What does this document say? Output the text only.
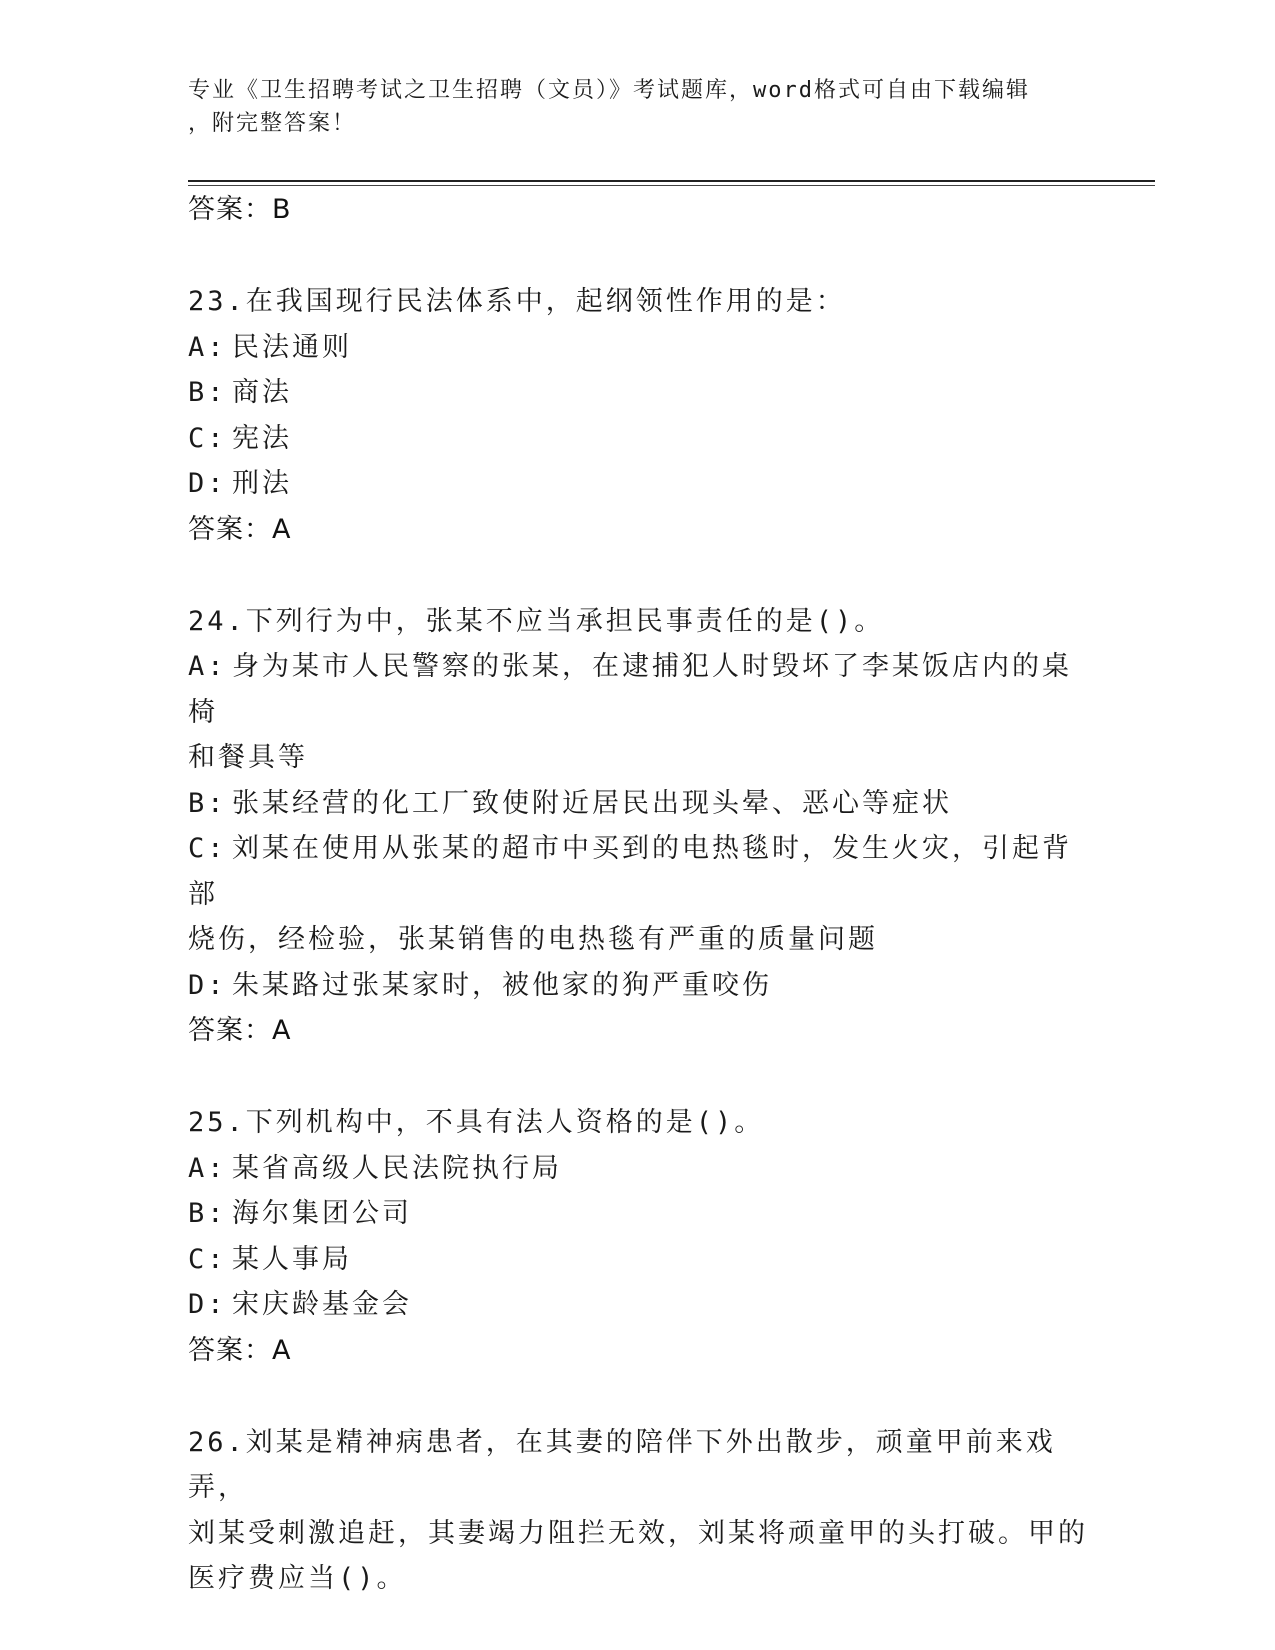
专业《卫生招聘考试之卫生招聘（文员）》考试题库，word格式可自由下载编辑
，附完整答案！
答案：B
23.在我国现行民法体系中，起纲领性作用的是：
A: 民法通则
B: 商法
C: 宪法
D: 刑法
答案：A
24.下列行为中，张某不应当承担民事责任的是()。
A: 身为某市人民警察的张某，在逮捕犯人时毁坏了李某饭店内的桌椅
和餐具等
B: 张某经营的化工厂致使附近居民出现头晕、恶心等症状
C: 刘某在使用从张某的超市中买到的电热毯时，发生火灾，引起背部
烧伤，经检验，张某销售的电热毯有严重的质量问题
D: 朱某路过张某家时，被他家的狗严重咬伤
答案：A
25.下列机构中，不具有法人资格的是()。
A: 某省高级人民法院执行局
B: 海尔集团公司
C: 某人事局
D: 宋庆龄基金会
答案：A
26.刘某是精神病患者，在其妻的陪伴下外出散步，顽童甲前来戏弄，
刘某受刺激追赶，其妻竭力阻拦无效，刘某将顽童甲的头打破。甲的
医疗费应当()。
